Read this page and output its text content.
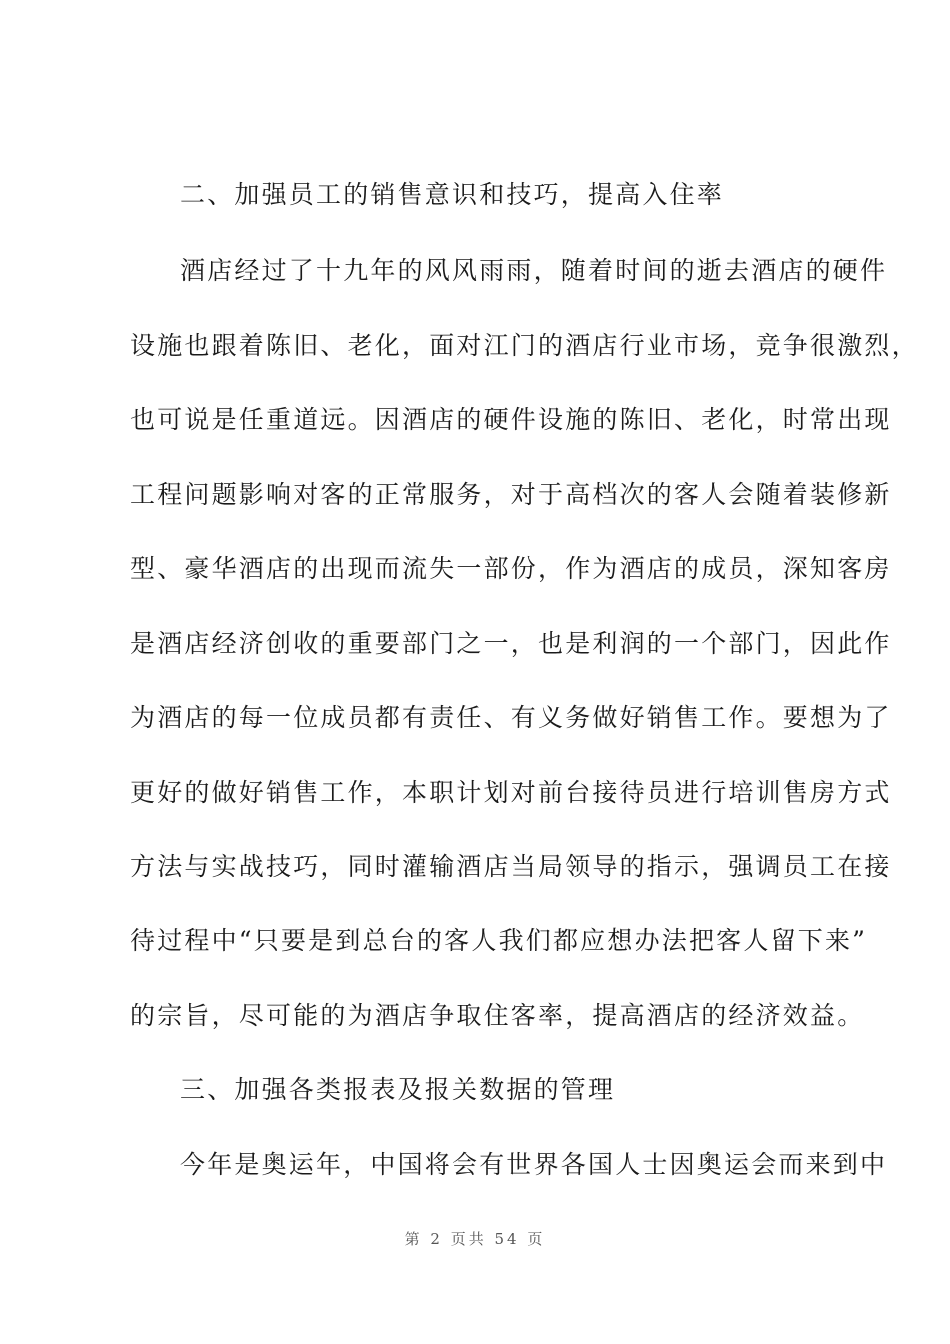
二、加强员工的销售意识和技巧，提高入住率
酒店经过了十九年的风风雨雨，随着时间的逝去酒店的硬件
设施也跟着陈旧、老化，面对江门的酒店行业市场，竞争很激烈，
也可说是任重道远。因酒店的硬件设施的陈旧、老化，时常出现
工程问题影响对客的正常服务，对于高档次的客人会随着装修新
型、豪华酒店的出现而流失一部份，作为酒店的成员，深知客房
是酒店经济创收的重要部门之一，也是利润的一个部门，因此作
为酒店的每一位成员都有责任、有义务做好销售工作。要想为了
更好的做好销售工作，本职计划对前台接待员进行培训售房方式
方法与实战技巧，同时灌输酒店当局领导的指示，强调员工在接
待过程中“只要是到总台的客人我们都应想办法把客人留下来”
的宗旨，尽可能的为酒店争取住客率，提高酒店的经济效益。
三、加强各类报表及报关数据的管理
今年是奥运年，中国将会有世界各国人士因奥运会而来到中
第 2 页共 54 页
